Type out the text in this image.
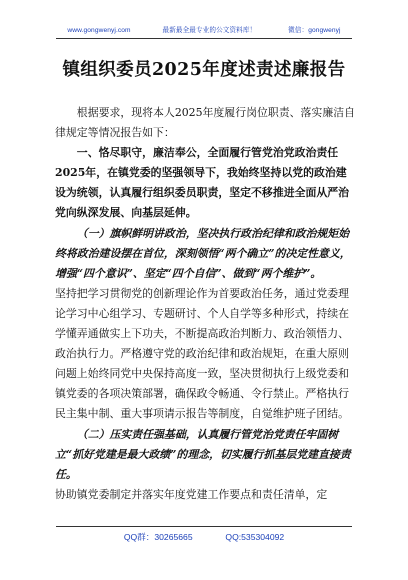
www.gongwenyj.com	最新最全最专业的公文资料库！	微信：gongwenyj
镇组织委员2025年度述责述廉报告

根据要求，现将本人2025年度履行岗位职责、落实廉洁自律规定等情况报告如下：

一、恪尽职守，廉洁奉公，全面履行管党治党政治责任 2025年，在镇党委的坚强领导下，我始终坚持以党的政治建设为统领，认真履行组织委员职责，坚定不移推进全面从严治党向纵深发展、向基层延伸。

（一）旗帜鲜明讲政治，坚决执行政治纪律和政治规矩始终将政治建设摆在首位，深刻领悟“两个确立”的决定性意义，增强“四个意识”、坚定“四个自信”、做到“两个维护”。

坚持把学习贯彻党的创新理论作为首要政治任务，通过党委理论学习中心组学习、专题研讨、个人自学等多种形式，持续在学懂弄通做实上下功夫，不断提高政治判断力、政治领悟力、政治执行力。严格遵守党的政治纪律和政治规矩，在重大原则问题上始终同党中央保持高度一致，坚决贯彻执行上级党委和镇党委的各项决策部署，确保政令畅通、令行禁止。严格执行民主集中制、重大事项请示报告等制度，自觉维护班子团结。

（二）压实责任强基础，认真履行管党治党责任牢固树立“抓好党建是最大政绩”的理念，切实履行抓基层党建直接责任。

协助镇党委制定并落实年度党建工作要点和责任清单，定

QQ群：30265665	QQ:535304092
